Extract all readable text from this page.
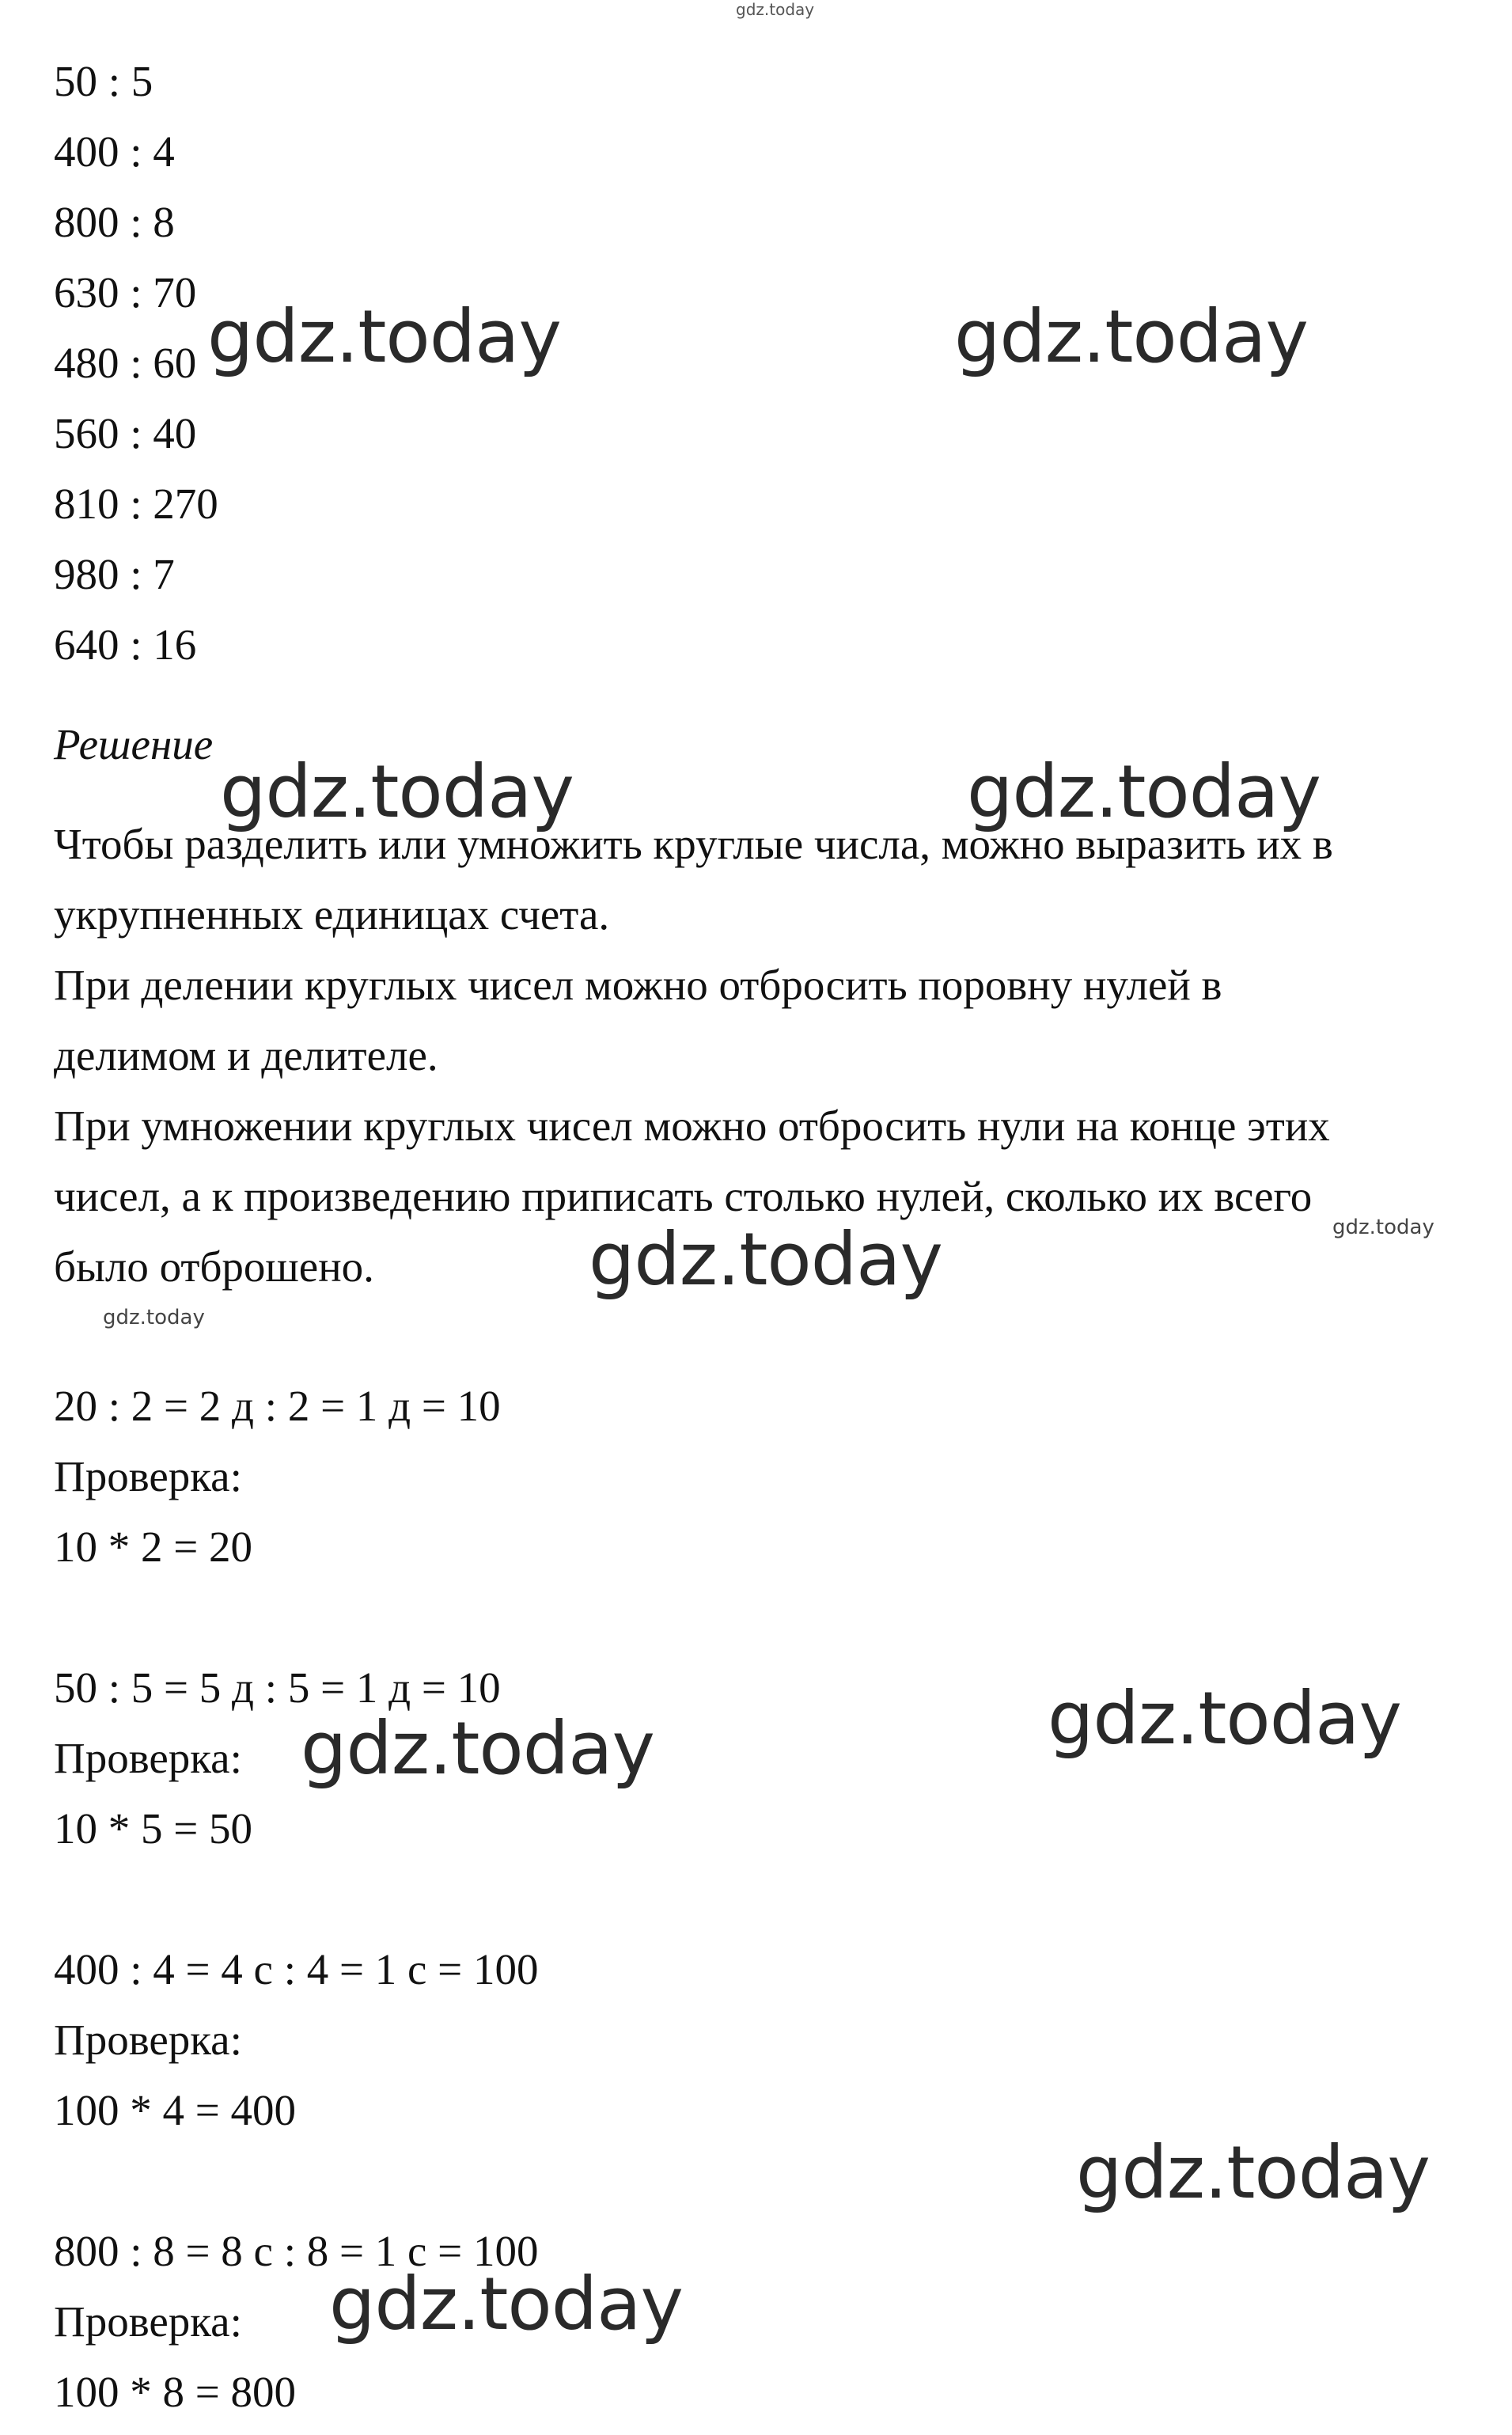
50 : 5
400 : 4
800 : 8
630 : 70
480 : 60
560 : 40
810 : 270
980 : 7
640 : 16
Решение
Чтобы разделить или умножить круглые числа, можно выразить их в
укрупненных единицах счета.
При делении круглых чисел можно отбросить поровну нулей в
делимом и делителе.
При умножении круглых чисел можно отбросить нули на конце этих
чисел, а к произведению приписать столько нулей, сколько их всего
было отброшено.
20 : 2 = 2 д : 2 = 1 д = 10
Проверка:
10 * 2 = 20
50 : 5 = 5 д : 5 = 1 д = 10
Проверка:
10 * 5 = 50
400 : 4 = 4 с : 4 = 1 с = 100
Проверка:
100 * 4 = 400
800 : 8 = 8 с : 8 = 1 с = 100
Проверка:
100 * 8 = 800
gdz.today
gdz.today	gdz.today
gdz.today	gdz.today
gdz.today
gdz.today
gdz.today
gdz.today
gdz.today
gdz.today
gdz.today
